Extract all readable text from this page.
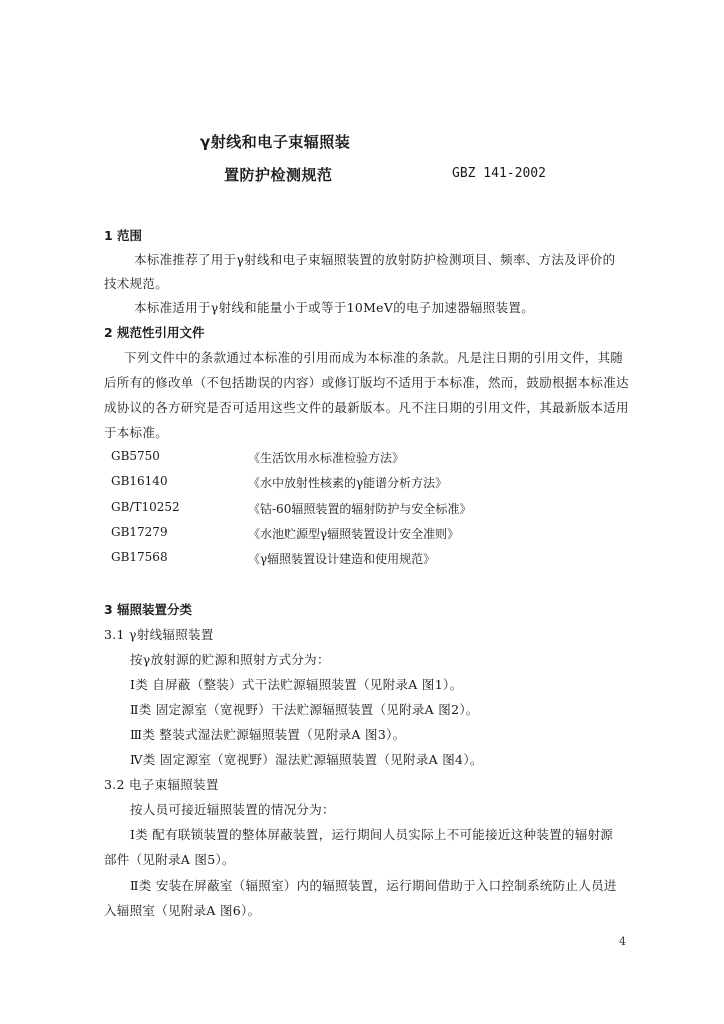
γ射线和电子束辐照装
置防护检测规范	GBZ 141-2002
1 范围
本标准推荐了用于γ射线和电子束辐照装置的放射防护检测项目、频率、方法及评价的
技术规范。
本标准适用于γ射线和能量小于或等于10MeV的电子加速器辐照装置。
2 规范性引用文件
下列文件中的条款通过本标准的引用而成为本标准的条款。凡是注日期的引用文件，其随
后所有的修改单（不包括勘误的内容）或修订版均不适用于本标准，然而，鼓励根据本标准达
成协议的各方研究是否可适用这些文件的最新版本。凡不注日期的引用文件，其最新版本适用
于本标准。
GB5750	《生活饮用水标准检验方法》
GB16140	《水中放射性核素的γ能谱分析方法》
GB/T10252	《钴-60辐照装置的辐射防护与安全标准》
GB17279	《水池贮源型γ辐照装置设计安全准则》
GB17568	《γ辐照装置设计建造和使用规范》
3 辐照装置分类
3.1 γ射线辐照装置
按γ放射源的贮源和照射方式分为：
Ⅰ类 自屏蔽（整装）式干法贮源辐照装置（见附录A 图1）。
Ⅱ类 固定源室（宽视野）干法贮源辐照装置（见附录A 图2）。
Ⅲ类 整装式湿法贮源辐照装置（见附录A 图3）。
Ⅳ类 固定源室（宽视野）湿法贮源辐照装置（见附录A 图4）。
3.2 电子束辐照装置
按人员可接近辐照装置的情况分为：
Ⅰ类 配有联锁装置的整体屏蔽装置，运行期间人员实际上不可能接近这种装置的辐射源
部件（见附录A 图5）。
Ⅱ类 安装在屏蔽室（辐照室）内的辐照装置，运行期间借助于入口控制系统防止人员进
入辐照室（见附录A 图6）。
4
